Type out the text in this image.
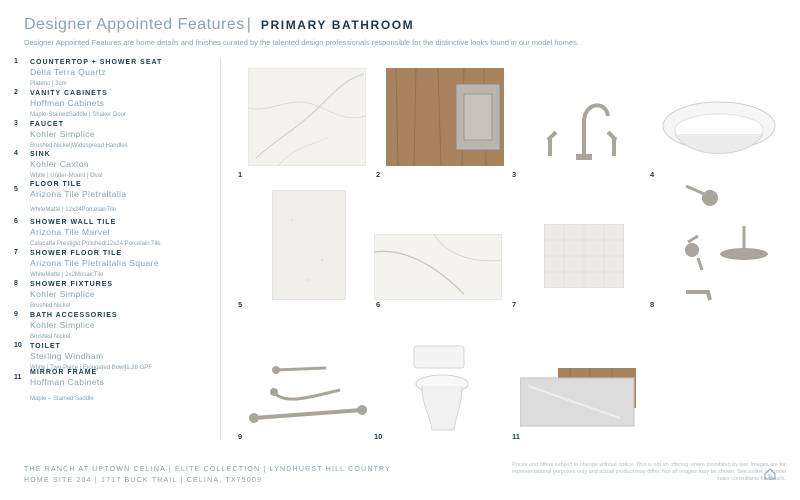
Designer Appointed Features | PRIMARY BATHROOM
Designer Appointed Features are home details and finishes curated by the talented design professionals responsible for the distinctive looks found in our model homes.
1 COUNTERTOP + SHOWER SEAT
Della Terra Quartz
Plateno | 3cm
2 VANITY CABINETS
Hoffman Cabinets
Maple-StainedSaddle | Shaker Door
3 FAUCET
Kohler Simplice
Brushed Nickel|Widespread Handles
4 SINK
Kohler Caxton
White | Under-Mount | Oval
5
FLOOR TILE
Arizona Tile Pietraltalia
WhiteMatte | 12x24PorcelainTile
6 SHOWER WALL TILE
Arizona Tile Marvel
Calacatta Prestigio Polished|12x24 Porcelain Tile
7 SHOWER FLOOR TILE
Arizona Tile Pietraltalia Square
WhiteMatte | 2x2MosaicTile
8 SHOWER FIXTURES
Kohler Simplice
Brushed Nickel
9 BATH ACCESSORIES
Kohler Simplice
Brushed Nickel
10 TOILET
Sterling Windham
White | Two-Piece | Elongated Bowl|1.28 GPF
11
MIRROR FRAME
Hoffman Cabinets
Maple – Stained Saddle
1	2	3	4
5	6	7	8
9	10	11
THE RANCH AT UPTOWN CELINA | ELITE COLLECTION | LYNDHURST HILL COUNTRY
HOME SITE 204 | 1717 BUCK TRAIL | CELINA, TX75009
Prices and offers subject to change without notice. This is not an offering where prohibited by law. Images are for representational purposes only and actual product may differ. Not all images may be shown. See online or model sales consultants for details.
